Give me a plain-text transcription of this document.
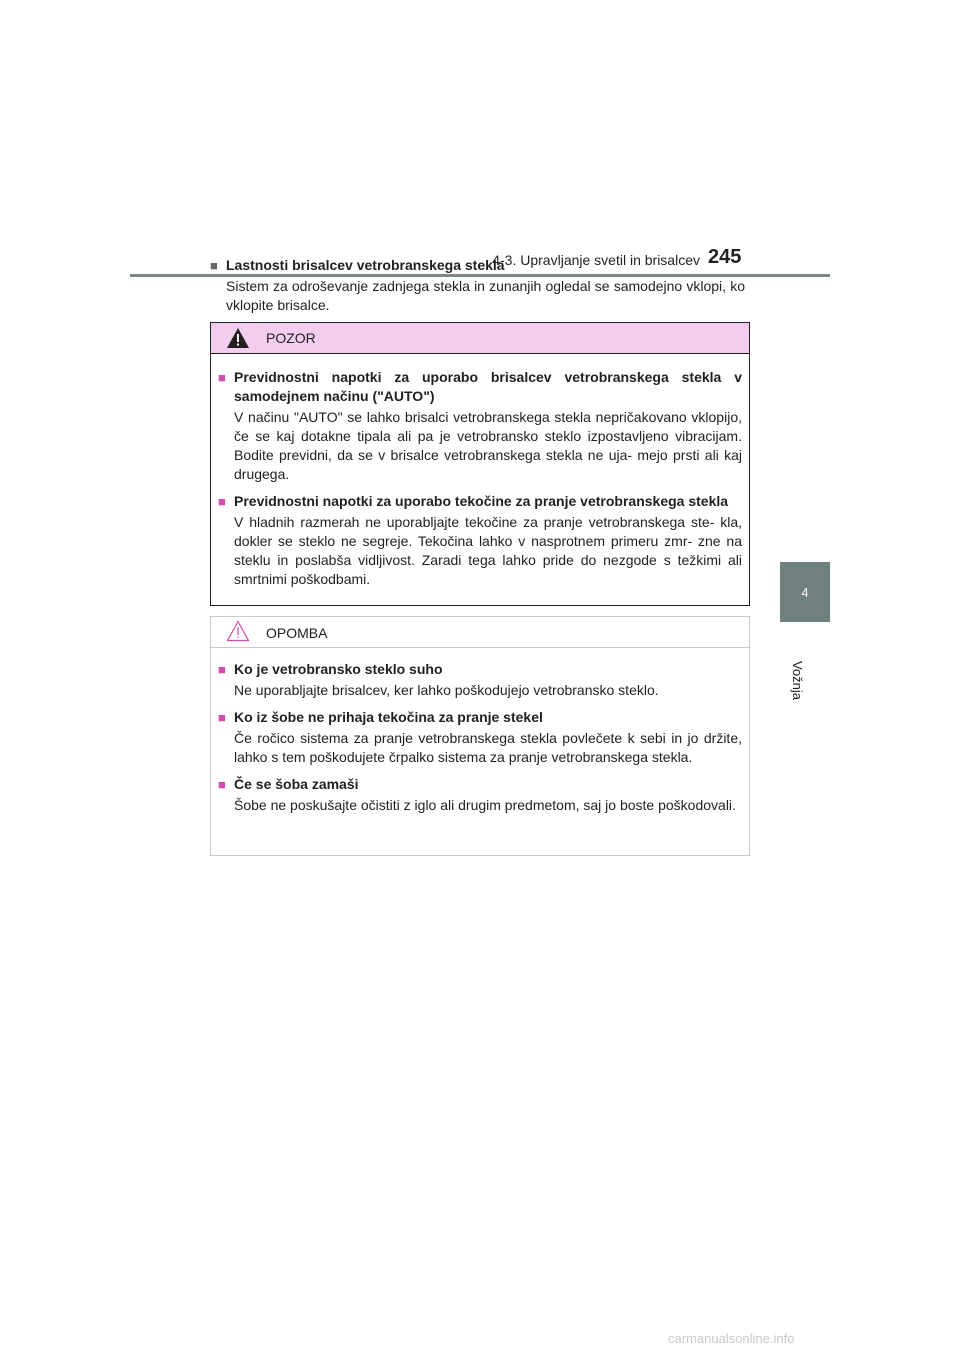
4-3. Upravljanje svetil in brisalcev 245
4
Vožnja
■ Lastnosti brisalcev vetrobranskega stekla
Sistem za odroševanje zadnjega stekla in zunanjih ogledal se samodejno vklopi, ko vklopite brisalce.
POZOR
■ Previdnostni napotki za uporabo brisalcev vetrobranskega stekla v samodejnem načinu ("AUTO")
V načinu "AUTO" se lahko brisalci vetrobranskega stekla nepričakovano vklopijo, če se kaj dotakne tipala ali pa je vetrobransko steklo izpostavljeno vibracijam. Bodite previdni, da se v brisalce vetrobranskega stekla ne uja- mejo prsti ali kaj drugega.
■ Previdnostni napotki za uporabo tekočine za pranje vetrobranskega stekla
V hladnih razmerah ne uporabljajte tekočine za pranje vetrobranskega ste- kla, dokler se steklo ne segreje. Tekočina lahko v nasprotnem primeru zmr- zne na steklu in poslabša vidljivost. Zaradi tega lahko pride do nezgode s težkimi ali smrtnimi poškodbami.
OPOMBA
■ Ko je vetrobransko steklo suho
Ne uporabljajte brisalcev, ker lahko poškodujejo vetrobransko steklo.
■ Ko iz šobe ne prihaja tekočina za pranje stekel
Če ročico sistema za pranje vetrobranskega stekla povlečete k sebi in jo držite, lahko s tem poškodujete črpalko sistema za pranje vetrobranskega stekla.
■ Če se šoba zamaši
Šobe ne poskušajte očistiti z iglo ali drugim predmetom, saj jo boste poškodovali.
carmanualsonline.info
